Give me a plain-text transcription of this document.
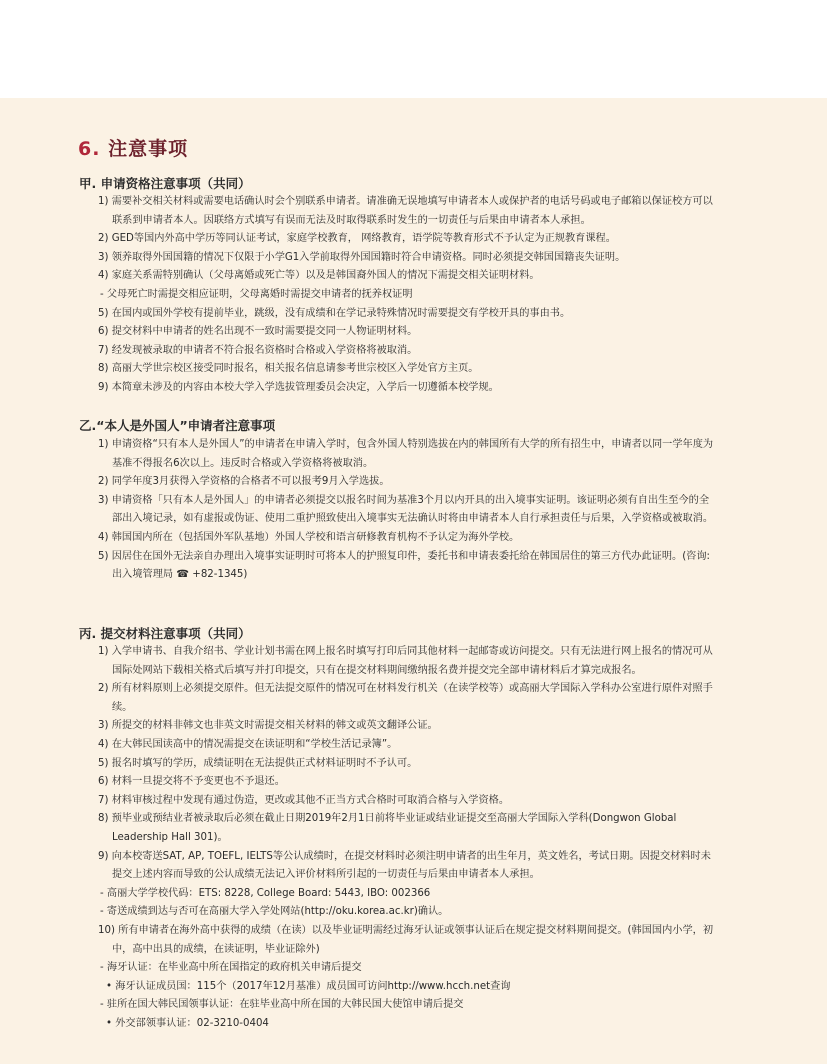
6. 注意事项
甲. 申请资格注意事项（共同）
1) 需要补交相关材料或需要电话确认时会个别联系申请者。请准确无误地填写申请者本人或保护者的电话号码或电子邮箱以保证校方可以联系到申请者本人。因联络方式填写有误而无法及时取得联系时发生的一切责任与后果由申请者本人承担。
2) GED等国内外高中学历等同认证考试，家庭学校教育， 网络教育，语学院等教育形式不予认定为正规教育课程。
3) 领养取得外国国籍的情况下仅限于小学G1入学前取得外国国籍时符合申请资格。同时必须提交韩国国籍丧失证明。
4) 家庭关系需特别确认（父母离婚或死亡等）以及是韩国裔外国人的情况下需提交相关证明材料。
- 父母死亡时需提交相应证明，父母离婚时需提交申请者的抚养权证明
5) 在国内或国外学校有提前毕业，跳级，没有成绩和在学记录特殊情况时需要提交有学校开具的事由书。
6) 提交材料中申请者的姓名出现不一致时需要提交同一人物证明材料。
7) 经发现被录取的申请者不符合报名资格时合格或入学资格将被取消。
8) 高丽大学世宗校区接受同时报名，相关报名信息请参考世宗校区入学处官方主页。
9) 本简章未涉及的内容由本校大学入学选拔管理委员会决定，入学后一切遵循本校学规。
乙.“本人是外国人”申请者注意事项
1) 申请资格“只有本人是外国人”的申请者在申请入学时，包含外国人特别选拔在内的韩国所有大学的所有招生中，申请者以同一学年度为基准不得报名6次以上。违反时合格或入学资格将被取消。
2) 同学年度3月获得入学资格的合格者不可以报考9月入学选拔。
3) 申请资格「只有本人是外国人」的申请者必须提交以报名时间为基准3个月以内开具的出入境事实证明。该证明必须有自出生至今的全部出入境记录，如有虚报或伪证、使用二重护照致使出入境事实无法确认时将由申请者本人自行承担责任与后果，入学资格或被取消。
4) 韩国国内所在（包括国外军队基地）外国人学校和语言研修教育机构不予认定为海外学校。
5) 因居住在国外无法亲自办理出入境事实证明时可将本人的护照复印件，委托书和申请表委托给在韩国居住的第三方代办此证明。(咨询: 出入境管理局 ☎ +82-1345)
丙. 提交材料注意事项（共同）
1) 入学申请书、自我介绍书、学业计划书需在网上报名时填写打印后同其他材料一起邮寄或访问提交。只有无法进行网上报名的情况可从国际处网站下载相关格式后填写并打印提交，只有在提交材料期间缴纳报名费并提交完全部申请材料后才算完成报名。
2) 所有材料原则上必须提交原件。但无法提交原件的情况可在材料发行机关（在读学校等）或高丽大学国际入学科办公室进行原件对照手续。
3) 所提交的材料非韩文也非英文时需提交相关材料的韩文或英文翻译公证。
4) 在大韩民国读高中的情况需提交在读证明和“学校生活记录簿”。
5) 报名时填写的学历，成绩证明在无法提供正式材料证明时不予认可。
6) 材料一旦提交将不予变更也不予退还。
7) 材料审核过程中发现有通过伪造，更改或其他不正当方式合格时可取消合格与入学资格。
8) 预毕业或预结业者被录取后必须在截止日期2019年2月1日前将毕业证或结业证提交至高丽大学国际入学科(Dongwon Global Leadership Hall 301)。
9) 向本校寄送SAT, AP, TOEFL, IELTS等公认成绩时，在提交材料时必须注明申请者的出生年月，英文姓名，考试日期。因提交材料时未提交上述内容而导致的公认成绩无法记入评价材料所引起的一切责任与后果由申请者本人承担。
- 高丽大学学校代码：ETS: 8228, College Board: 5443, IBO: 002366
- 寄送成绩到达与否可在高丽大学入学处网站(http://oku.korea.ac.kr)确认。
10) 所有申请者在海外高中获得的成绩（在读）以及毕业证明需经过海牙认证或领事认证后在规定提交材料期间提交。(韩国国内小学，初中，高中出具的成绩，在读证明，毕业证除外)
- 海牙认证：在毕业高中所在国指定的政府机关申请后提交
• 海牙认证成员国：115个（2017年12月基准）成员国可访问http://www.hcch.net查询
- 驻所在国大韩民国领事认证：在驻毕业高中所在国的大韩民国大使馆申请后提交
• 外交部领事认证：02-3210-0404
